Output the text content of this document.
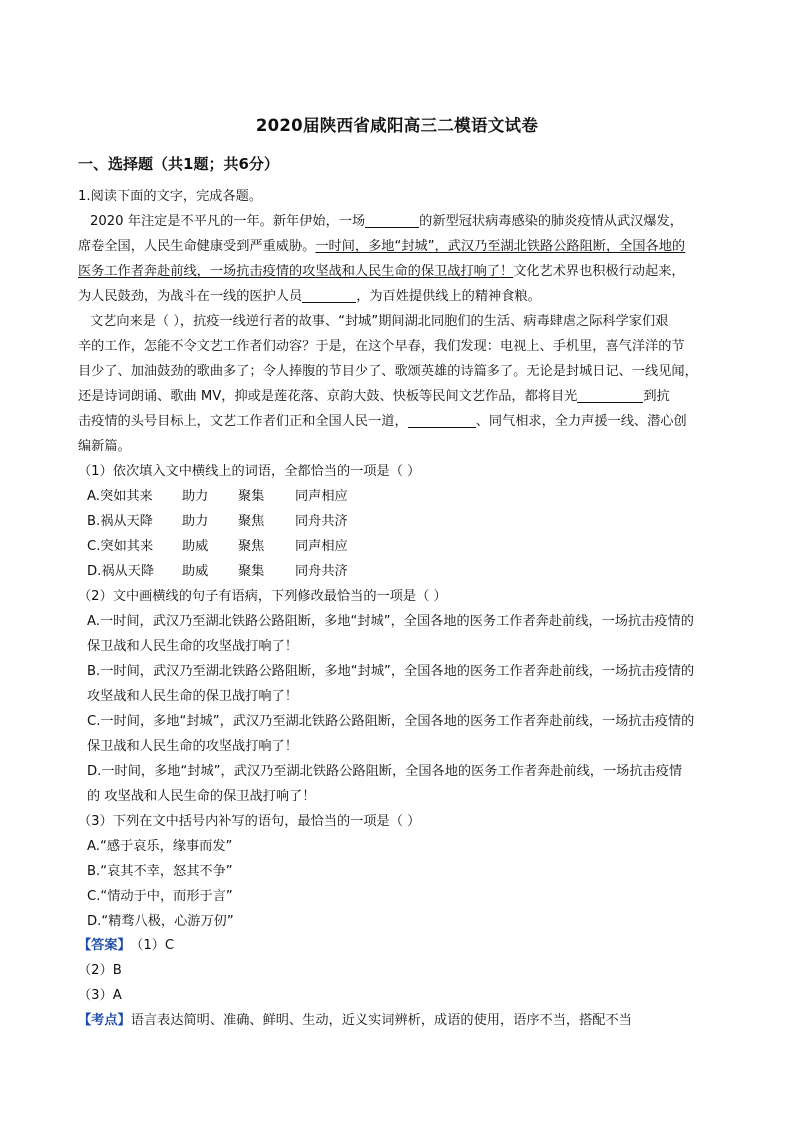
2020届陕西省咸阳高三二模语文试卷
一、选择题（共1题；共6分）
1.阅读下面的文字，完成各题。
2020 年注定是不平凡的一年。新年伊始，一场	的新型冠状病毒感染的肺炎疫情从武汉爆发，
席卷全国，人民生命健康受到严重威胁。一时间，多地“封城”，武汉乃至湖北铁路公路阻断，全国各地的
医务工作者奔赴前线，一场抗击疫情的攻坚战和人民生命的保卫战打响了！文化艺术界也积极行动起来，
为人民鼓劲，为战斗在一线的医护人员	，为百姓提供线上的精神食粮。
文艺向来是（ ），抗疫一线逆行者的故事、“封城”期间湖北同胞们的生活、病毒肆虐之际科学家们艰
辛的工作，怎能不令文艺工作者们动容？于是，在这个早春，我们发现：电视上、手机里，喜气洋洋的节
目少了、加油鼓劲的歌曲多了；令人捧腹的节目少了、歌颂英雄的诗篇多了。无论是封城日记、一线见闻，
还是诗词朗诵、歌曲 MV，抑或是莲花落、京韵大鼓、快板等民间文艺作品，都将目光	到抗
击疫情的头号目标上，文艺工作者们正和全国人民一道，	、同气相求，全力声援一线、潜心创
编新篇。
（1）依次填入文中横线上的词语，全都恰当的一项是（ ）
A.突如其来 助力 聚集 同声相应
B.祸从天降 助力 聚焦 同舟共济
C.突如其来 助威 聚焦 同声相应
D.祸从天降 助威 聚集 同舟共济
（2）文中画横线的句子有语病，下列修改最恰当的一项是（ ）
A.一时间，武汉乃至湖北铁路公路阻断，多地“封城”，全国各地的医务工作者奔赴前线，一场抗击疫情的
保卫战和人民生命的攻坚战打响了！
B.一时间，武汉乃至湖北铁路公路阻断，多地“封城”，全国各地的医务工作者奔赴前线，一场抗击疫情的
攻坚战和人民生命的保卫战打响了！
C.一时间，多地“封城”，武汉乃至湖北铁路公路阻断，全国各地的医务工作者奔赴前线，一场抗击疫情的
保卫战和人民生命的攻坚战打响了！
D.一时间，多地“封城”，武汉乃至湖北铁路公路阻断，全国各地的医务工作者奔赴前线，一场抗击疫情
的 攻坚战和人民生命的保卫战打响了！
（3）下列在文中括号内补写的语句，最恰当的一项是（ ）
A.“感于哀乐，缘事而发”
B.“哀其不幸，怒其不争”
C.“情动于中，而形于言”
D.“精骛八极，心游万仞”
【答案】 （1）C
（2）B
（3）A
【考点】语言表达简明、准确、鲜明、生动，近义实词辨析，成语的使用，语序不当，搭配不当
